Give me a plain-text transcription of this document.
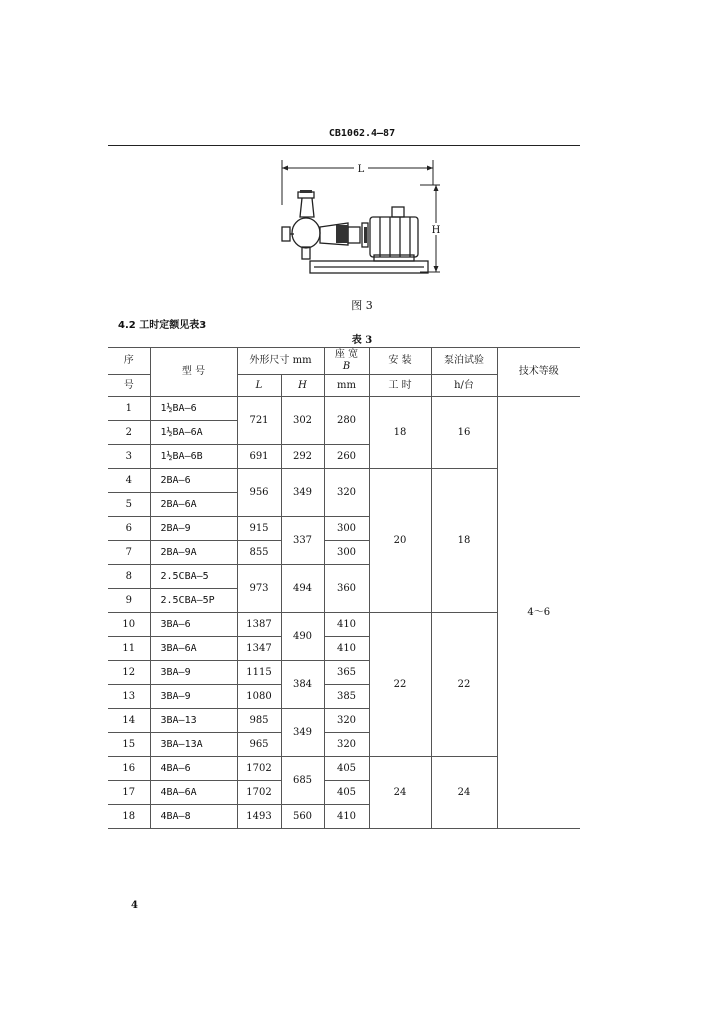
CB1062.4—87
L
H
图 3
4.2 工时定额见表3
表 3
序	型 号	外形尺寸 mm		座 宽
B	安 装	泵泊试验	技术等级
号		L	H	mm	工 时	h/台	
1	1½BA—6	721	302	280	18	16	4～6
2	1½BA—6A						
3	1½BA—6B	691	292	260			
4	2BA—6	956	349	320	20	18	
5	2BA—6A						
6	2BA—9	915	337	300			
7	2BA—9A	855		300			
8	2.5CBA—5	973	494	360			
9	2.5CBA—5P						
10	3BA—6	1387	490	410	22	22	
11	3BA—6A	1347		410			
12	3BA—9	1115	384	365			
13	3BA—9	1080		385			
14	3BA—13	985	349	320			
15	3BA—13A	965		320			
16	4BA—6	1702	685	405	24	24	
17	4BA—6A	1702		405			
18	4BA—8	1493	560	410			
4
